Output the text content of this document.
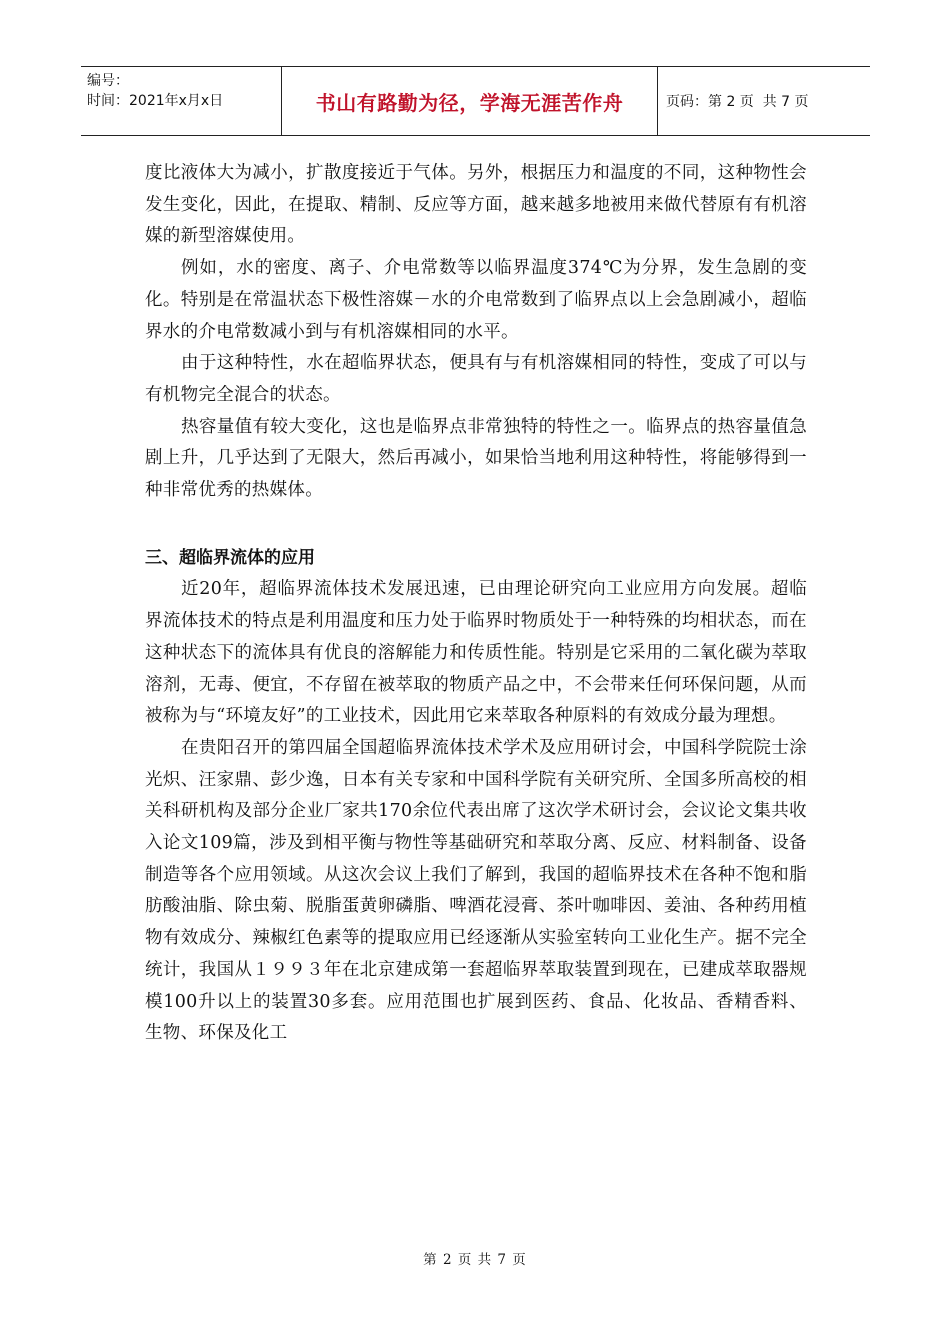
编号：
时间：2021年x月x日	书山有路勤为径，学海无涯苦作舟	页码：第 2 页  共 7 页

度比液体大为减小，扩散度接近于气体。另外，根据压力和温度的不同，这种物性会发生变化，因此，在提取、精制、反应等方面，越来越多地被用来做代替原有有机溶媒的新型溶媒使用。

例如，水的密度、离子、介电常数等以临界温度374℃为分界，发生急剧的变化。特别是在常温状态下极性溶媒－水的介电常数到了临界点以上会急剧减小，超临界水的介电常数减小到与有机溶媒相同的水平。

由于这种特性，水在超临界状态，便具有与有机溶媒相同的特性，变成了可以与有机物完全混合的状态。

热容量值有较大变化，这也是临界点非常独特的特性之一。临界点的热容量值急剧上升，几乎达到了无限大，然后再减小，如果恰当地利用这种特性，将能够得到一种非常优秀的热媒体。

三、超临界流体的应用

近20年，超临界流体技术发展迅速，已由理论研究向工业应用方向发展。超临界流体技术的特点是利用温度和压力处于临界时物质处于一种特殊的均相状态，而在这种状态下的流体具有优良的溶解能力和传质性能。特别是它采用的二氧化碳为萃取溶剂，无毒、便宜，不存留在被萃取的物质产品之中，不会带来任何环保问题，从而被称为与“环境友好”的工业技术，因此用它来萃取各种原料的有效成分最为理想。

在贵阳召开的第四届全国超临界流体技术学术及应用研讨会，中国科学院院士涂光炽、汪家鼎、彭少逸，日本有关专家和中国科学院有关研究所、全国多所高校的相关科研机构及部分企业厂家共170余位代表出席了这次学术研讨会，会议论文集共收入论文109篇，涉及到相平衡与物性等基础研究和萃取分离、反应、材料制备、设备制造等各个应用领域。从这次会议上我们了解到，我国的超临界技术在各种不饱和脂肪酸油脂、除虫菊、脱脂蛋黄卵磷脂、啤酒花浸膏、茶叶咖啡因、姜油、各种药用植物有效成分、辣椒红色素等的提取应用已经逐渐从实验室转向工业化生产。据不完全统计，我国从１９９３年在北京建成第一套超临界萃取装置到现在，已建成萃取器规模100升以上的装置30多套。应用范围也扩展到医药、食品、化妆品、香精香料、生物、环保及化工

第 2 页 共 7 页
